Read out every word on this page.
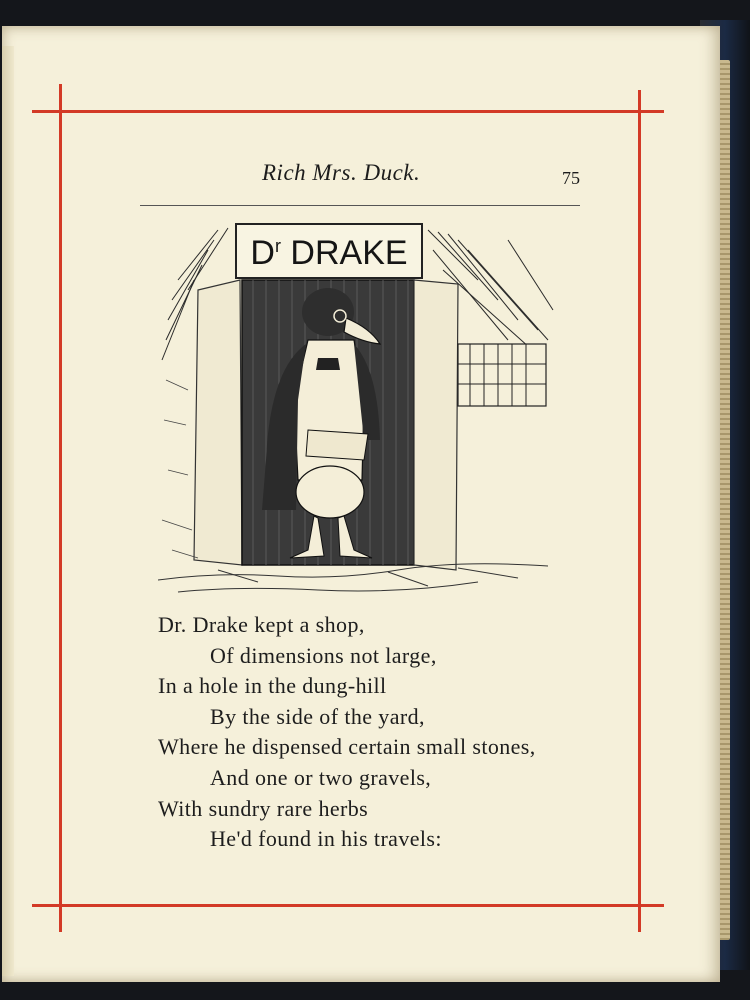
Rich Mrs. Duck.	75
$D^r$ DRAKE
Dr. Drake kept a shop,
Of dimensions not large,
In a hole in the dung-hill
By the side of the yard,
Where he dispensed certain small stones,
And one or two gravels,
With sundry rare herbs
He'd found in his travels:
